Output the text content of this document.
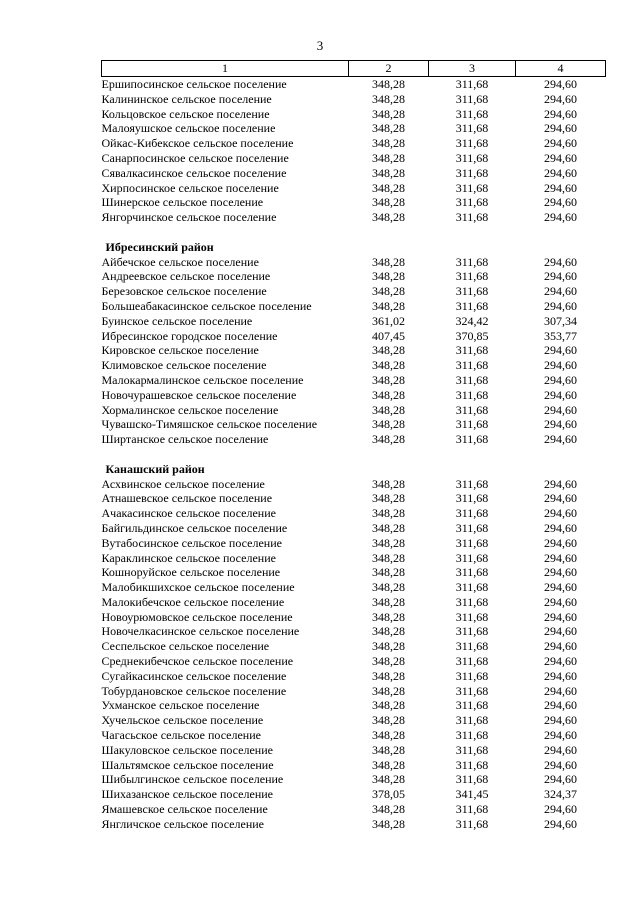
3
1	2	3	4
Ершипосинское сельское поселение	348,28	311,68	294,60
Калининское сельское поселение	348,28	311,68	294,60
Кольцовское сельское поселение	348,28	311,68	294,60
Малояушское сельское поселение	348,28	311,68	294,60
Ойкас-Кибекское сельское поселение	348,28	311,68	294,60
Санарпосинское сельское поселение	348,28	311,68	294,60
Сявалкасинское сельское поселение	348,28	311,68	294,60
Хирпосинское сельское поселение	348,28	311,68	294,60
Шинерское сельское поселение	348,28	311,68	294,60
Янгорчинское сельское поселение	348,28	311,68	294,60

Ибресинский район			
Айбечское сельское поселение	348,28	311,68	294,60
Андреевское сельское поселение	348,28	311,68	294,60
Березовское сельское поселение	348,28	311,68	294,60
Большеабакасинское сельское поселение	348,28	311,68	294,60
Буинское сельское поселение	361,02	324,42	307,34
Ибресинское городское поселение	407,45	370,85	353,77
Кировское сельское поселение	348,28	311,68	294,60
Климовское сельское поселение	348,28	311,68	294,60
Малокармалинское сельское поселение	348,28	311,68	294,60
Новочурашевское сельское поселение	348,28	311,68	294,60
Хормалинское сельское поселение	348,28	311,68	294,60
Чувашско-Тимяшское сельское поселение	348,28	311,68	294,60
Ширтанское сельское поселение	348,28	311,68	294,60

Канашский район			
Асхвинское сельское поселение	348,28	311,68	294,60
Атнашевское сельское поселение	348,28	311,68	294,60
Ачакасинское сельское поселение	348,28	311,68	294,60
Байгильдинское сельское поселение	348,28	311,68	294,60
Вутабосинское сельское поселение	348,28	311,68	294,60
Караклинское сельское поселение	348,28	311,68	294,60
Кошноруйское сельское поселение	348,28	311,68	294,60
Малобикшихское сельское поселение	348,28	311,68	294,60
Малокибечское сельское поселение	348,28	311,68	294,60
Новоурюмовское сельское поселение	348,28	311,68	294,60
Новочелкасинское сельское поселение	348,28	311,68	294,60
Сеспельское сельское поселение	348,28	311,68	294,60
Среднекибечское сельское поселение	348,28	311,68	294,60
Сугайкасинское сельское поселение	348,28	311,68	294,60
Тобурдановское сельское поселение	348,28	311,68	294,60
Ухманское сельское поселение	348,28	311,68	294,60
Хучельское сельское поселение	348,28	311,68	294,60
Чагасьское сельское поселение	348,28	311,68	294,60
Шакуловское сельское поселение	348,28	311,68	294,60
Шальтямское сельское поселение	348,28	311,68	294,60
Шибылгинское сельское поселение	348,28	311,68	294,60
Шихазанское сельское поселение	378,05	341,45	324,37
Ямашевское сельское поселение	348,28	311,68	294,60
Янгличское сельское поселение	348,28	311,68	294,60
